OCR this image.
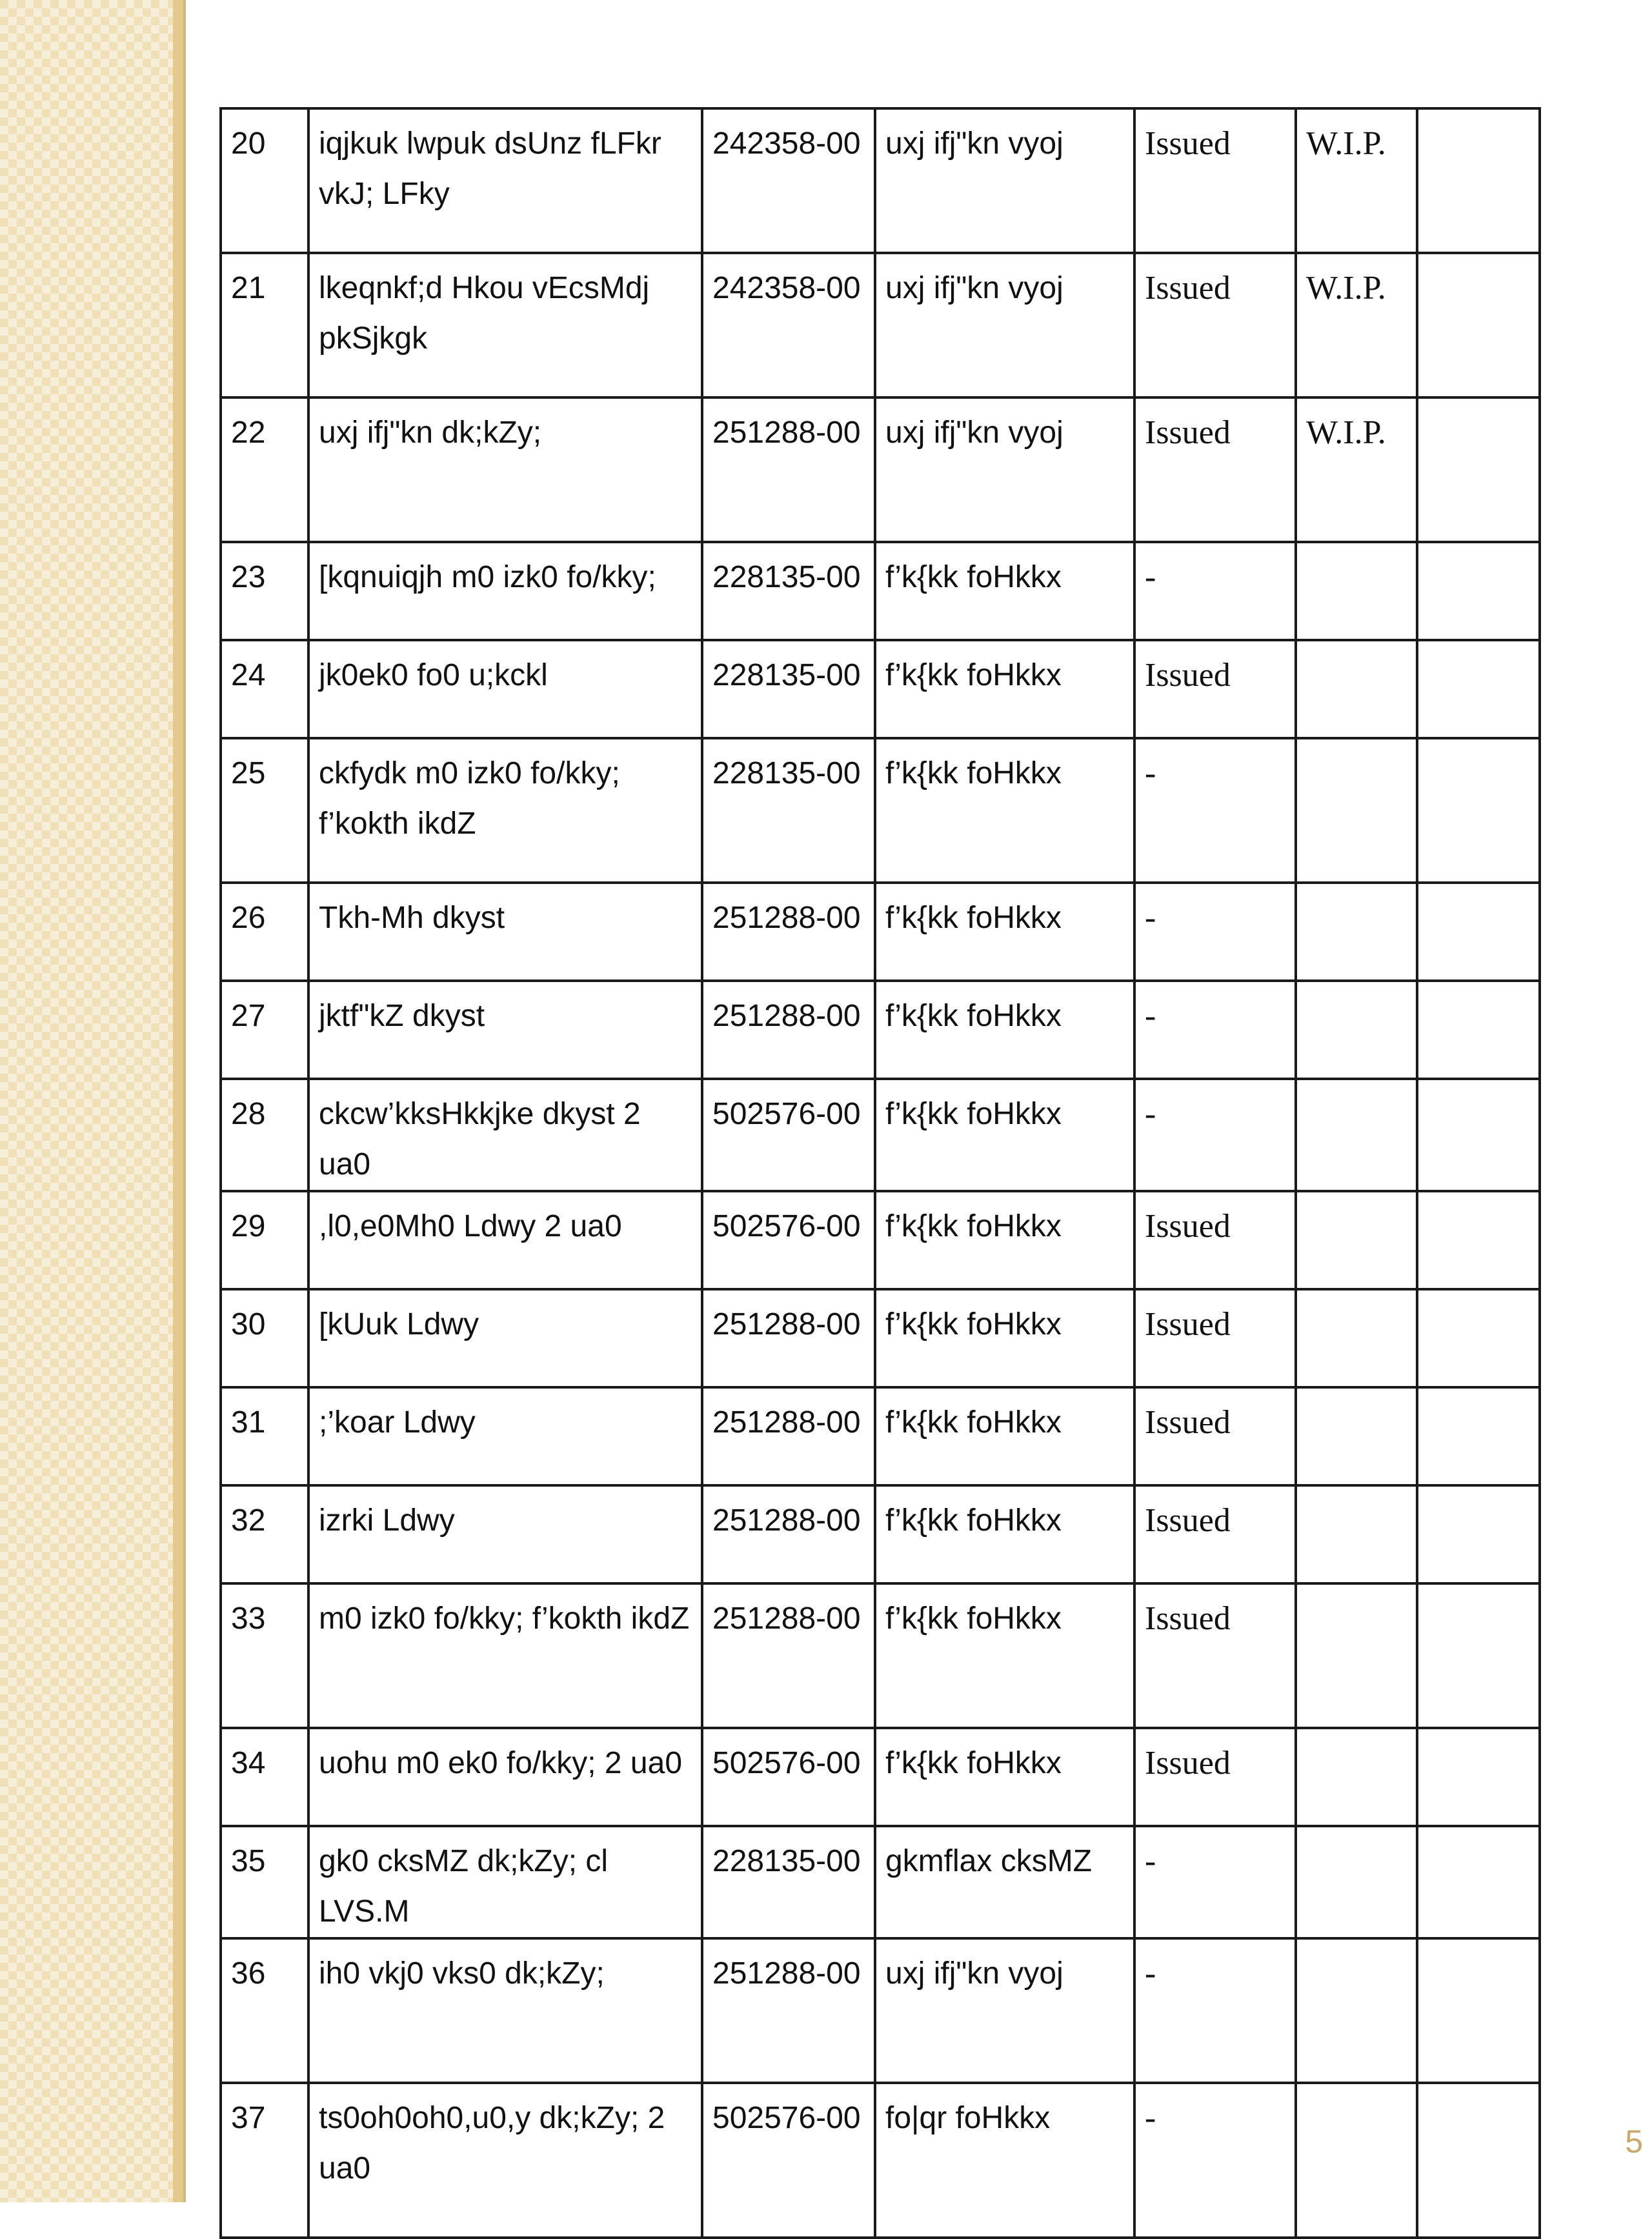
20	iqjkuk lwpuk dsUnz fLFkr vkJ; LFky	242358-00	uxj ifj"kn vyoj	Issued	W.I.P.	
21	lkeqnkf;d Hkou vEcsMdj pkSjkgk	242358-00	uxj ifj"kn vyoj	Issued	W.I.P.	
22	uxj ifj"kn dk;kZy;	251288-00	uxj ifj"kn vyoj	Issued	W.I.P.	
23	[kqnuiqjh m0 izk0 fo/kky;	228135-00	f’k{kk foHkkx	-		
24	jk0ek0 fo0 u;kckl	228135-00	f’k{kk foHkkx	Issued		
25	ckfydk m0 izk0 fo/kky; f’kokth ikdZ	228135-00	f’k{kk foHkkx	-		
26	Tkh-Mh dkyst	251288-00	f’k{kk foHkkx	-		
27	jktf"kZ dkyst	251288-00	f’k{kk foHkkx	-		
28	ckcw’kksHkkjke dkyst 2 ua0	502576-00	f’k{kk foHkkx	-		
29	,l0,e0Mh0 Ldwy 2 ua0	502576-00	f’k{kk foHkkx	Issued		
30	[kUuk Ldwy	251288-00	f’k{kk foHkkx	Issued		
31	;’koar Ldwy	251288-00	f’k{kk foHkkx	Issued		
32	izrki Ldwy	251288-00	f’k{kk foHkkx	Issued		
33	m0 izk0 fo/kky; f’kokth ikdZ	251288-00	f’k{kk foHkkx	Issued		
34	uohu m0 ek0 fo/kky; 2 ua0	502576-00	f’k{kk foHkkx	Issued		
35	gk0 cksMZ dk;kZy; cl LVS.M	228135-00	gkmflax cksMZ	-		
36	ih0 vkj0 vks0 dk;kZy;	251288-00	uxj ifj"kn vyoj	-		
37	ts0oh0oh0,u0,y dk;kZy; 2 ua0	502576-00	fo|qr foHkkx	-		
5
